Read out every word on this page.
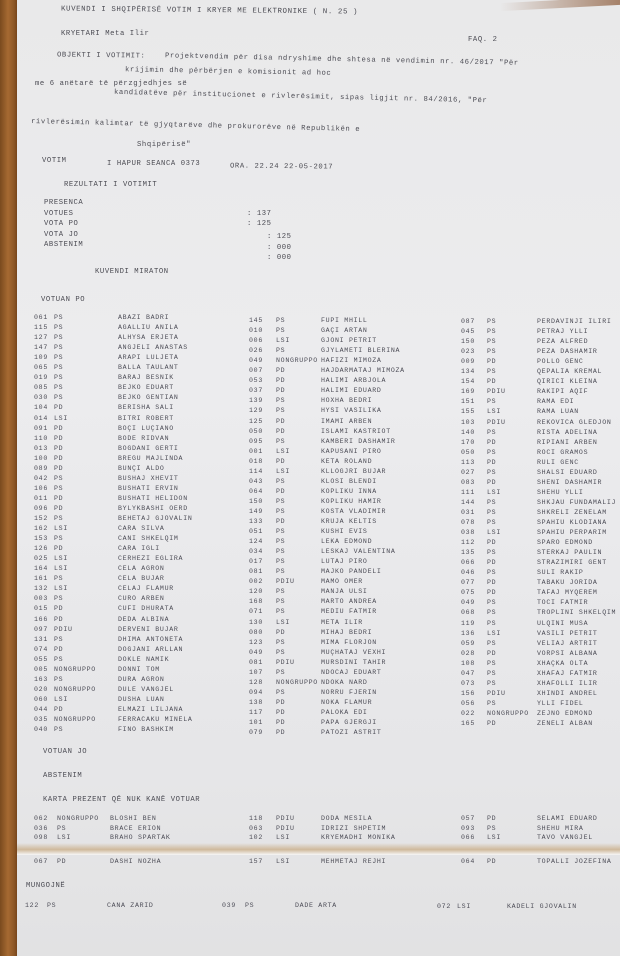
KUVENDI I SHQIPËRISË VOTIM I KRYER ME ELEKTRONIKE ( N. 25 )
KRYETARI Meta Ilir
FAQ. 2
OBJEKTI I VOTIMIT:	Projektvendim për disa ndryshime dhe shtesa në vendimin nr. 46/2017 "Për
krijimin dhe përbërjen e komisionit ad hoc
me 6 anëtarë të përzgjedhjes së
kandidatëve për institucionet e rivlerësimit, sipas ligjit nr. 84/2016, "Për
rivlerësimin kalimtar të gjyqtarëve dhe prokurorëve në Republikën e
Shqipërisë"
VOTIM	I HAPUR SEANCA 0373	ORA. 22.24 22-05-2017
REZULTATI I VOTIMIT
PRESENCA
VOTUES	: 137
VOTA PO	: 125
VOTA JO	: 125
ABSTENIM	: 000
: 000
KUVENDI MIRATON
VOTUAN PO
061 PS	ABAZI BADRI	145 PS	FUPI MHILL	087 PS	PERDAVINJI ILIRI
115 PS	AGALLIU ANILA	010 PS	GAÇI ARTAN	045 PS	PETRAJ YLLI
127 PS	ALHYSA ERJETA	006 LSI	GJONI PETRIT	150 PS	PEZA ALFRED
147 PS	ANGJELI ANASTAS	026 PS	GJYLAMETI BLERINA	023 PS	PEZA DASHAMIR
109 PS	ARAPI LULJETA	049 NONGRUPPO HAFIZI MIMOZA	009 PD	POLLO GENC
065 PS	BALLA TAULANT	007 PD	HAJDARMATAJ MIMOZA	134 PS	QEPALIA KREMAL
019 PS	BARAJ BESNIK	053 PD	HALIMI ARBJOLA	154 PD	QIRICI KLEINA
085 PS	BEJKO EDUART	037 PD	HALIMI EDUARD	169 PDIU	RAKIPI AQIF
030 PS	BEJKO GENTIAN	139 PS	HOXHA BEDRI	151 PS	RAMA EDI
104 PD	BERISHA SALI	129 PS	HYSI VASILIKA	155 LSI	RAMA LUAN
014 LSI	BITRI ROBERT	125 PD	IMAMI ARBEN	103 PDIU	REKOVICA GLEDJON
091 PD	BOÇI LUÇIANO	050 PD	ISLAMI KASTRIOT	140 PS	RISTA ADELINA
110 PD	BODE RIDVAN	095 PS	KAMBERI DASHAMIR	170 PD	RIPIANI ARBEN
013 PD	BOGDANI GERTI	001 LSI	KAPUSANI PIRO	050 PS	ROCI GRAMOS
100 PD	BREGU MAJLINDA	018 PD	KETA ROLAND	113 PD	RULI GENC
089 PD	BUNÇI ALDO	114 LSI	KLLOGJRI BUJAR	027 PS	SHALSI EDUARD
042 PS	BUSHAJ XHEVIT	043 PS	KLOSI BLENDI	083 PD	SHENI DASHAMIR
106 PS	BUSHATI ERVIN	064 PD	KOPLIKU INNA	111 LSI	SHEHU YLLI
011 PD	BUSHATI HELIDON	150 PS	KOPLIKU HAMIR	144 PS	SHKJAU FUNDAMALIJ
096 PD	BYLYKBASHI OERD	149 PS	KOSTA VLADIMIR	031 PS	SHKRELI ZENELAM
152 PS	BEHETAJ GJOVALIN	133 PD	KRUJA KELTIS	078 PS	SPAHIU KLODIANA
162 LSI	CARA SILVA	051 PS	KUSHI EVIS	038 LSI	SPAHIU PERPARIM
153 PS	CANI SHKELQIM	124 PS	LEKA EDMOND	112 PD	SPARO EDMOND
126 PD	CARA IGLI	034 PS	LESKAJ VALENTINA	135 PS	STERKAJ PAULIN
025 LSI	CERHEZI EGLIRA	017 PS	LUTAJ PIRO	066 PD	STRAZIMIRI GENT
164 LSI	CELA AGRON	081 PS	MAJKO PANDELI	046 PS	SULI RAKIP
161 PS	CELA BUJAR	002 PDIU	MAMO OMER	077 PD	TABAKU JORIDA
132 LSI	CELAJ FLAMUR	120 PS	MANJA ULSI	075 PD	TAFAJ MYQEREM
003 PS	CURO ARBEN	168 PS	MARTO ANDREA	049 PS	TOCI FATMIR
015 PD	CUFI DHURATA	071 PS	MEDIU FATMIR	068 PS	TROPLINI SHKELQIM
166 PD	DEDA ALBINA	130 LSI	META ILIR	119 PS	ULQINI MUSA
097 PDIU	DERVENI BUJAR	080 PD	MIHAJ BEDRI	136 LSI	VASILI PETRIT
131 PS	DHIMA ANTONETA	123 PS	MIMA FLORJON	059 PS	VELIAJ ARTRIT
074 PD	DOGJANI ARLLAN	049 PS	MUÇHATAJ VEXHI	028 PD	VORPSI ALBANA
055 PS	DOKLE NAMIK	081 PDIU	MURSDINI TAHIR	108 PS	XHAÇKA OLTA
005 NONGRUPPO	DONNI TOM	107 PS	NDOCAJ EDUART	047 PS	XHAFAJ FATMIR
163 PS	DURA AGRON	128 NONGRUPPO NDOKA NARD	073 PS	XHAFOLLI ILIR
020 NONGRUPPO	DULE VANGJEL	094 PS	NORRU FJERIN	156 PDIU	XHINDI ANDREL
060 LSI	DUSHA LUAN	138 PD	NOKA FLAMUR	056 PS	YLLI FIDEL
044 PD	ELMAZI LILJANA	117 PD	PALOKA EDI	022 NONGRUPPO ZEJNO EDMOND
035 NONGRUPPO	FERRACAKU MINELA	101 PD	PAPA GJERGJI	165 PD	ZENELI ALBAN
040 PS	FINO BASHKIM	079 PD	PATOZI ASTRIT
VOTUAN JO
ABSTENIM
KARTA PREZENT QË NUK KANË VOTUAR
062 NONGRUPPO BLOSHI BEN	118 PDIU	DODA MESILA	057 PD	SELAMI EDUARD
036 PS	BRACE ERION	063 PDIU	IDRIZI SHPETIM	093 PS	SHEHU MIRA
098 LSI	BRAHO SPARTAK	102 LSI	KRYEMADHI MONIKA	066 LSI	TAVO VANGJEL
067 PD	DASHI NOZHA	157 LSI	MEHMETAJ REJHI	064 PD	TOPALLI JOZEFINA
MUNGOJNË
122 PS	CANA ZARID	039 PS	DADE ARTA	072 LSI	KADELI GJOVALIN
